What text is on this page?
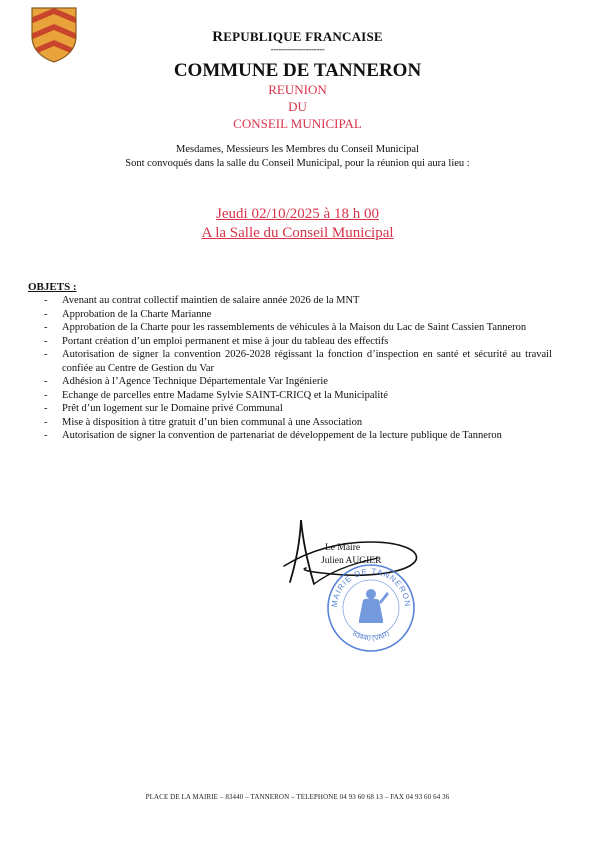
REPUBLIQUE FRANCAISE
--------------------
COMMUNE DE TANNERON
REUNION
DU
CONSEIL MUNICIPAL
Mesdames, Messieurs les Membres du Conseil Municipal
Sont convoqués dans la salle du Conseil Municipal, pour la réunion qui aura lieu :
Jeudi 02/10/2025 à 18 h 00
A la Salle du Conseil Municipal
OBJETS :
- Avenant au contrat collectif maintien de salaire année 2026 de la MNT
- Approbation de la Charte Marianne
- Approbation de la Charte pour les rassemblements de véhicules à la Maison du Lac de Saint Cassien Tanneron
- Portant création d’un emploi permanent et mise à jour du tableau des effectifs
- Autorisation de signer la convention 2026-2028 régissant la fonction d’inspection en santé et sécurité au travail confiée au Centre de Gestion du Var
- Adhésion à l’Agence Technique Départementale Var Ingénierie
- Echange de parcelles entre Madame Sylvie SAINT-CRICQ et la Municipalité
- Prêt d’un logement sur le Domaine privé Communal
- Mise à disposition à titre gratuit d’un bien communal à une Association
- Autorisation de signer la convention de partenariat de développement de la lecture publique de Tanneron
Le Maire
Julien AUGIER
MAIRIE DE TANNERON
83440 (VAR)
PLACE DE LA MAIRIE – 83440 – TANNERON – TELEPHONE 04 93 60 68 13 – FAX 04 93 60 64 36
